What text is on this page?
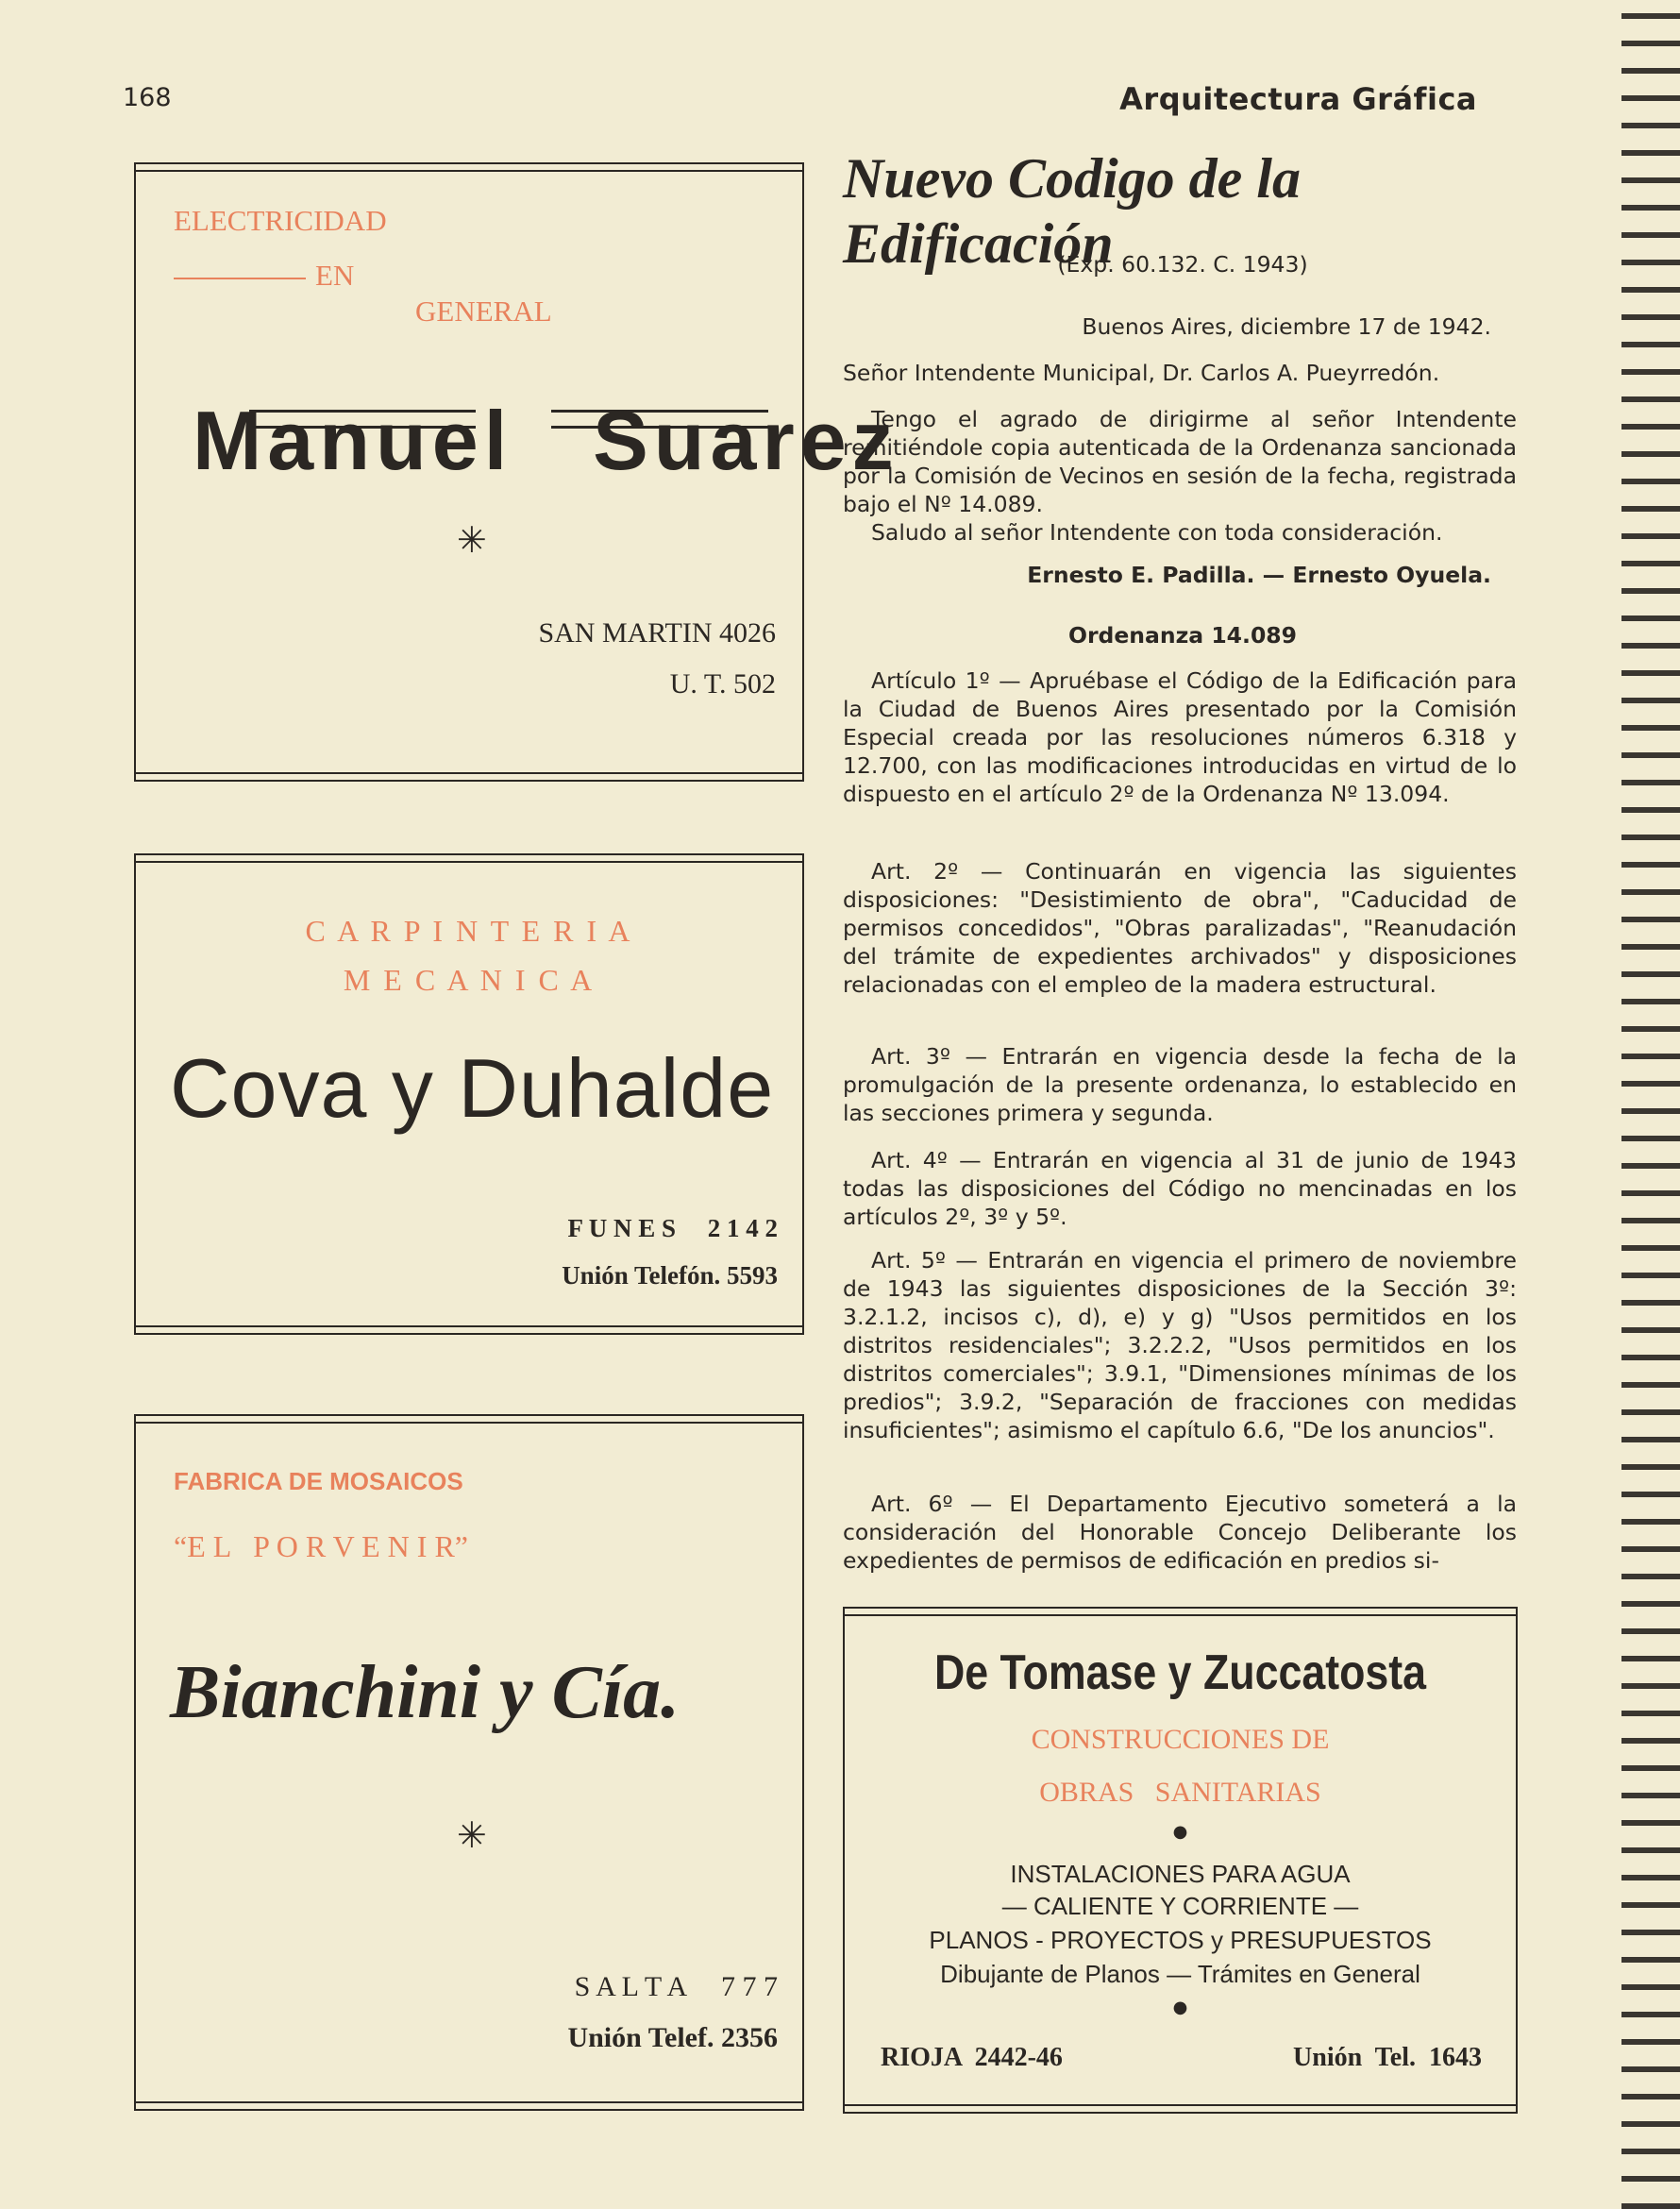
168	Arquitectura Gráfica
ELECTRICIDAD
EN
GENERAL
Manuel Suarez
✳
SAN MARTIN 4026
U. T. 502
C A R P I N T E R I A
M E C A N I C A
Cova y Duhalde
F U N E S     2 1 4 2
Unión Telefón. 5593
FABRICA DE MOSAICOS
“E L   P O R V E N I R”
Bianchini y Cía.
✳
S A L T A     7 7 7
Unión Telef. 2356
De Tomase y Zuccatosta
CONSTRUCCIONES DE
OBRAS   SANITARIAS
●
INSTALACIONES PARA AGUA
— CALIENTE Y CORRIENTE —
PLANOS - PROYECTOS y PRESUPUESTOS
Dibujante de Planos — Trámites en General
●
RIOJA  2442-46	Unión  Tel.  1643
Nuevo Codigo de la Edificación
(Exp. 60.132. C. 1943)
Buenos Aires, diciembre 17 de 1942.
Señor Intendente Municipal, Dr. Carlos A. Pueyrredón.
Tengo el agrado de dirigirme al señor Intendente remitiéndole copia autenticada de la Ordenanza sancionada por la Comisión de Vecinos en sesión de la fecha, registrada bajo el Nº 14.089.
Saludo al señor Intendente con toda consideración.
Ernesto E. Padilla. — Ernesto Oyuela.
Ordenanza 14.089
Artículo 1º — Apruébase el Código de la Edificación para la Ciudad de Buenos Aires presentado por la Comisión Especial creada por las resoluciones números 6.318 y 12.700, con las modificaciones introducidas en virtud de lo dispuesto en el artículo 2º de la Ordenanza Nº 13.094.
Art. 2º — Continuarán en vigencia las siguientes disposiciones: "Desistimiento de obra", "Caducidad de permisos concedidos", "Obras paralizadas", "Reanudación del trámite de expedientes archivados" y disposiciones relacionadas con el empleo de la madera estructural.
Art. 3º — Entrarán en vigencia desde la fecha de la promulgación de la presente ordenanza, lo establecido en las secciones primera y segunda.
Art. 4º — Entrarán en vigencia al 31 de junio de 1943 todas las disposiciones del Código no mencinadas en los artículos 2º, 3º y 5º.
Art. 5º — Entrarán en vigencia el primero de noviembre de 1943 las siguientes disposiciones de la Sección 3º: 3.2.1.2, incisos c), d), e) y g) "Usos permitidos en los distritos residenciales"; 3.2.2.2, "Usos permitidos en los distritos comerciales"; 3.9.1, "Dimensiones mínimas de los predios"; 3.9.2, "Separación de fracciones con medidas insuficientes"; asimismo el capítulo 6.6, "De los anuncios".
Art. 6º — El Departamento Ejecutivo someterá a la consideración del Honorable Concejo Deliberante los expedientes de permisos de edificación en predios si-
